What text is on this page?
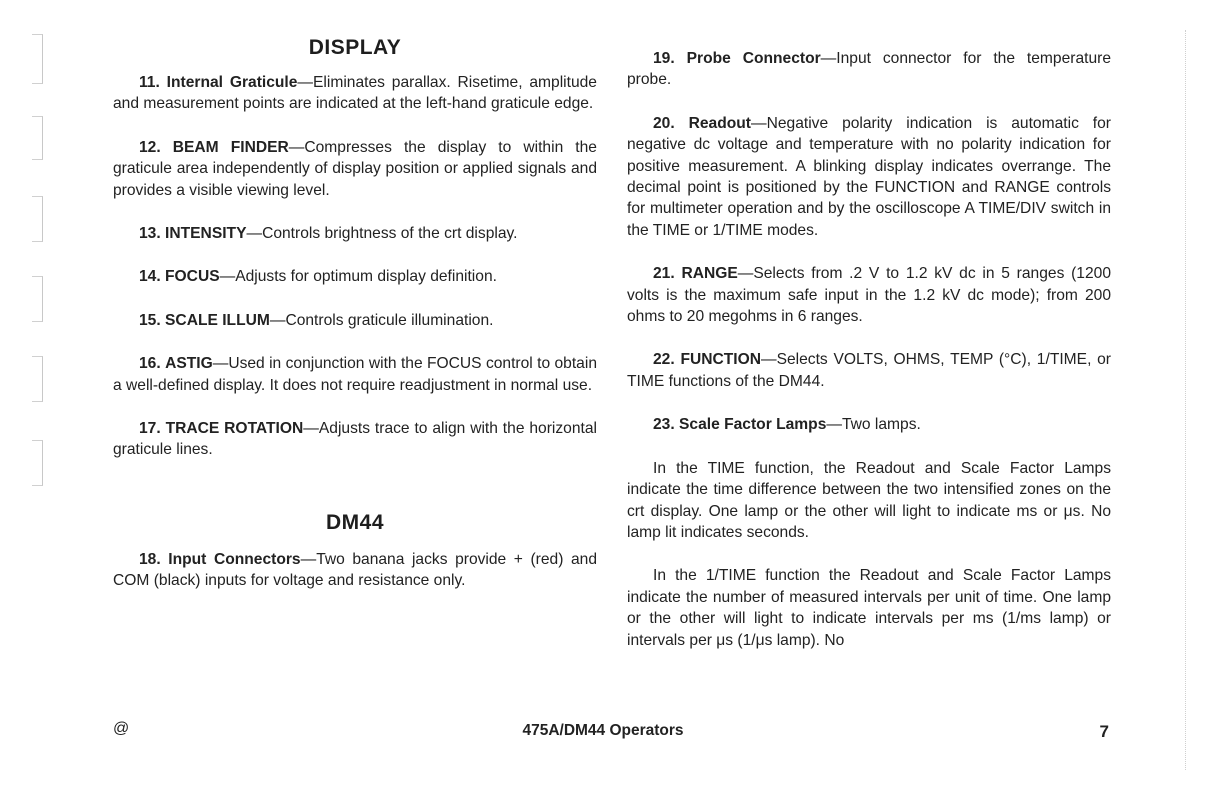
DISPLAY

11. Internal Graticule—Eliminates parallax. Risetime, amplitude and measurement points are indicated at the left-hand graticule edge.

12. BEAM FINDER—Compresses the display to within the graticule area independently of display position or applied signals and provides a visible viewing level.

13. INTENSITY—Controls brightness of the crt display.

14. FOCUS—Adjusts for optimum display definition.

15. SCALE ILLUM—Controls graticule illumination.

16. ASTIG—Used in conjunction with the FOCUS control to obtain a well-defined display. It does not require readjustment in normal use.

17. TRACE ROTATION—Adjusts trace to align with the horizontal graticule lines.

DM44

18. Input Connectors—Two banana jacks provide + (red) and COM (black) inputs for voltage and resistance only.

19. Probe Connector—Input connector for the temperature probe.

20. Readout—Negative polarity indication is automatic for negative dc voltage and temperature with no polarity indication for positive measurement. A blinking display indicates overrange. The decimal point is positioned by the FUNCTION and RANGE controls for multimeter operation and by the oscilloscope A TIME/DIV switch in the TIME or 1/TIME modes.

21. RANGE—Selects from .2 V to 1.2 kV dc in 5 ranges (1200 volts is the maximum safe input in the 1.2 kV dc mode); from 200 ohms to 20 megohms in 6 ranges.

22. FUNCTION—Selects VOLTS, OHMS, TEMP (°C), 1/TIME, or TIME functions of the DM44.

23. Scale Factor Lamps—Two lamps.

In the TIME function, the Readout and Scale Factor Lamps indicate the time difference between the two intensified zones on the crt display. One lamp or the other will light to indicate ms or μs. No lamp lit indicates seconds.

In the 1/TIME function the Readout and Scale Factor Lamps indicate the number of measured intervals per unit of time. One lamp or the other will light to indicate intervals per ms (1/ms lamp) or intervals per μs (1/μs lamp). No

@	475A/DM44 Operators	7
